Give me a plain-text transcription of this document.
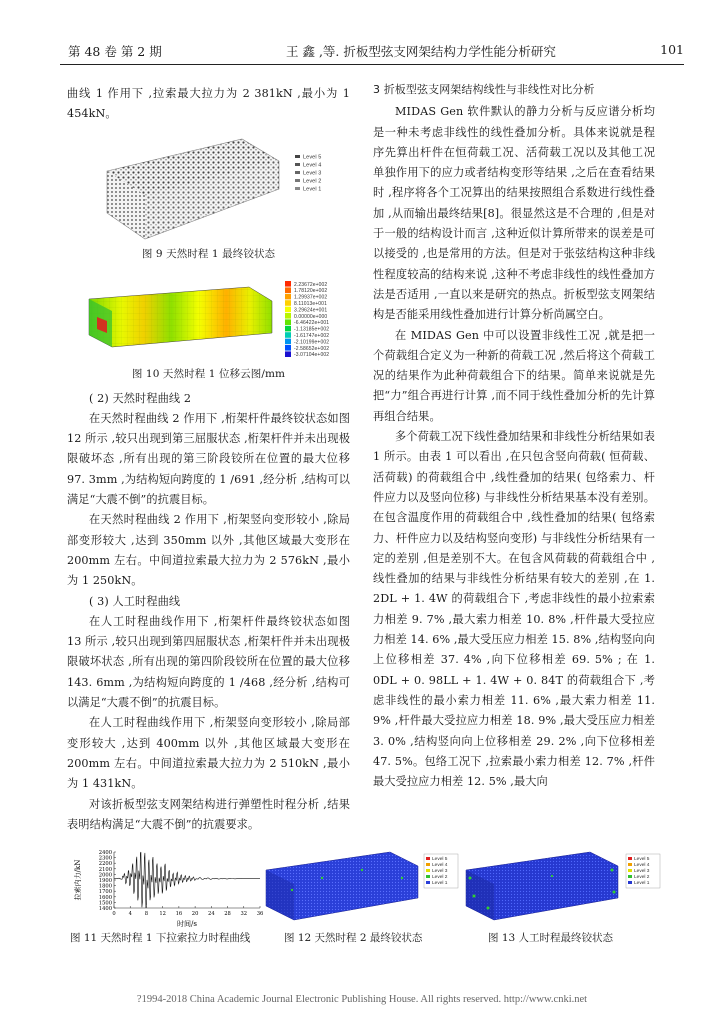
第 48 卷 第 2 期	王 鑫 ,等. 折板型弦支网架结构力学性能分析研究	101

曲线 1 作用下 ,拉索最大拉力为 2 381kN ,最小为 1 454kN。

Level 5
Level 4
Level 3
Level 2
Level 1
图 9 天然时程 1 最终铰状态
2.23672e+002
1.78120e+002
1.29937e+002
8.11013e+001
3.29624e+001
0.00000e+000
-6.46422e+001
-1.13185e+002
-1.61747e+002
-2.10199e+002
-2.58652e+002
-3.07104e+002
图 10 天然时程 1 位移云图/mm

( 2) 天然时程曲线 2

在天然时程曲线 2 作用下 ,桁架杆件最终铰状态如图 12 所示 ,较只出现到第三屈服状态 ,桁架杆件并未出现极限破坏态 ,所有出现的第三阶段铰所在位置的最大位移 97. 3mm ,为结构短向跨度的 1 /691 ,经分析 ,结构可以满足“大震不倒”的抗震目标。

在天然时程曲线 2 作用下 ,桁架竖向变形较小 ,除局部变形较大 ,达到 350mm 以外 ,其他区域最大变形在 200mm 左右。中间道拉索最大拉力为 2 576kN ,最小为 1 250kN。

( 3) 人工时程曲线

在人工时程曲线作用下 ,桁架杆件最终铰状态如图 13 所示 ,较只出现到第四屈服状态 ,桁架杆件并未出现极限破坏状态 ,所有出现的第四阶段铰所在位置的最大位移 143. 6mm ,为结构短向跨度的 1 /468 ,经分析 ,结构可以满足“大震不倒”的抗震目标。

在人工时程曲线作用下 ,桁架竖向变形较小 ,除局部变形较大 ,达到 400mm 以外 ,其他区域最大变形在 200mm 左右。中间道拉索最大拉力为 2 510kN ,最小为 1 431kN。

对该折板型弦支网架结构进行弹塑性时程分析 ,结果表明结构满足“大震不倒”的抗震要求。

3 折板型弦支网架结构线性与非线性对比分析

MIDAS Gen 软件默认的静力分析与反应谱分析均是一种未考虑非线性的线性叠加分析。具体来说就是程序先算出杆件在恒荷载工况、活荷载工况以及其他工况单独作用下的应力或者结构变形等结果 ,之后在查看结果时 ,程序将各个工况算出的结果按照组合系数进行线性叠加 ,从而输出最终结果[8]。很显然这是不合理的 ,但是对于一般的结构设计而言 ,这种近似计算所带来的误差是可以接受的 ,也是常用的方法。但是对于张弦结构这种非线性程度较高的结构来说 ,这种不考虑非线性的线性叠加方法是否适用 ,一直以来是研究的热点。折板型弦支网架结构是否能采用线性叠加进行计算分析尚属空白。

在 MIDAS Gen 中可以设置非线性工况 ,就是把一个荷载组合定义为一种新的荷载工况 ,然后将这个荷载工况的结果作为此种荷载组合下的结果。简单来说就是先把“力”组合再进行计算 ,而不同于线性叠加分析的先计算再组合结果。

多个荷载工况下线性叠加结果和非线性分析结果如表 1 所示。由表 1 可以看出 ,在只包含竖向荷载( 恒荷载、活荷载) 的荷载组合中 ,线性叠加的结果( 包络索力、杆件应力以及竖向位移) 与非线性分析结果基本没有差别。在包含温度作用的荷载组合中 ,线性叠加的结果( 包络索力、杆件应力以及结构竖向变形) 与非线性分析结果有一定的差别 ,但是差别不大。在包含风荷载的荷载组合中 ,线性叠加的结果与非线性分析结果有较大的差别 ,在 1. 2DL + 1. 4W 的荷载组合下 ,考虑非线性的最小拉索索力相差 9. 7% ,最大索力相差 10. 8% ,杆件最大受拉应力相差 14. 6% ,最大受压应力相差 15. 8% ,结构竖向向上位移相差 37. 4% ,向下位移相差 69. 5% ; 在 1. 0DL + 0. 98LL + 1. 4W + 0. 84T 的荷载组合下 ,考虑非线性的最小索力相差 11. 6% ,最大索力相差 11. 9% ,杆件最大受拉应力相差 18. 9% ,最大受压应力相差 3. 0% ,结构竖向向上位移相差 29. 2% ,向下位移相差 47. 5%。包络工况下 ,拉索最小索力相差 12. 7% ,杆件最大受拉应力相差 12. 5% ,最大向

1400
1500
1600
1700
1800
1900
2000
2100
2200
2300
2400
0 4 8 12 16 20 24 28 32 36
拉索内力/kN
时间/s
图 11 天然时程 1 下拉索拉力时程曲线
Level 5
Level 4
Level 3
Level 2
Level 1
图 12 天然时程 2 最终铰状态
Level 5
Level 4
Level 3
Level 2
Level 1
图 13 人工时程最终铰状态
?1994-2018 China Academic Journal Electronic Publishing House. All rights reserved. http://www.cnki.net
